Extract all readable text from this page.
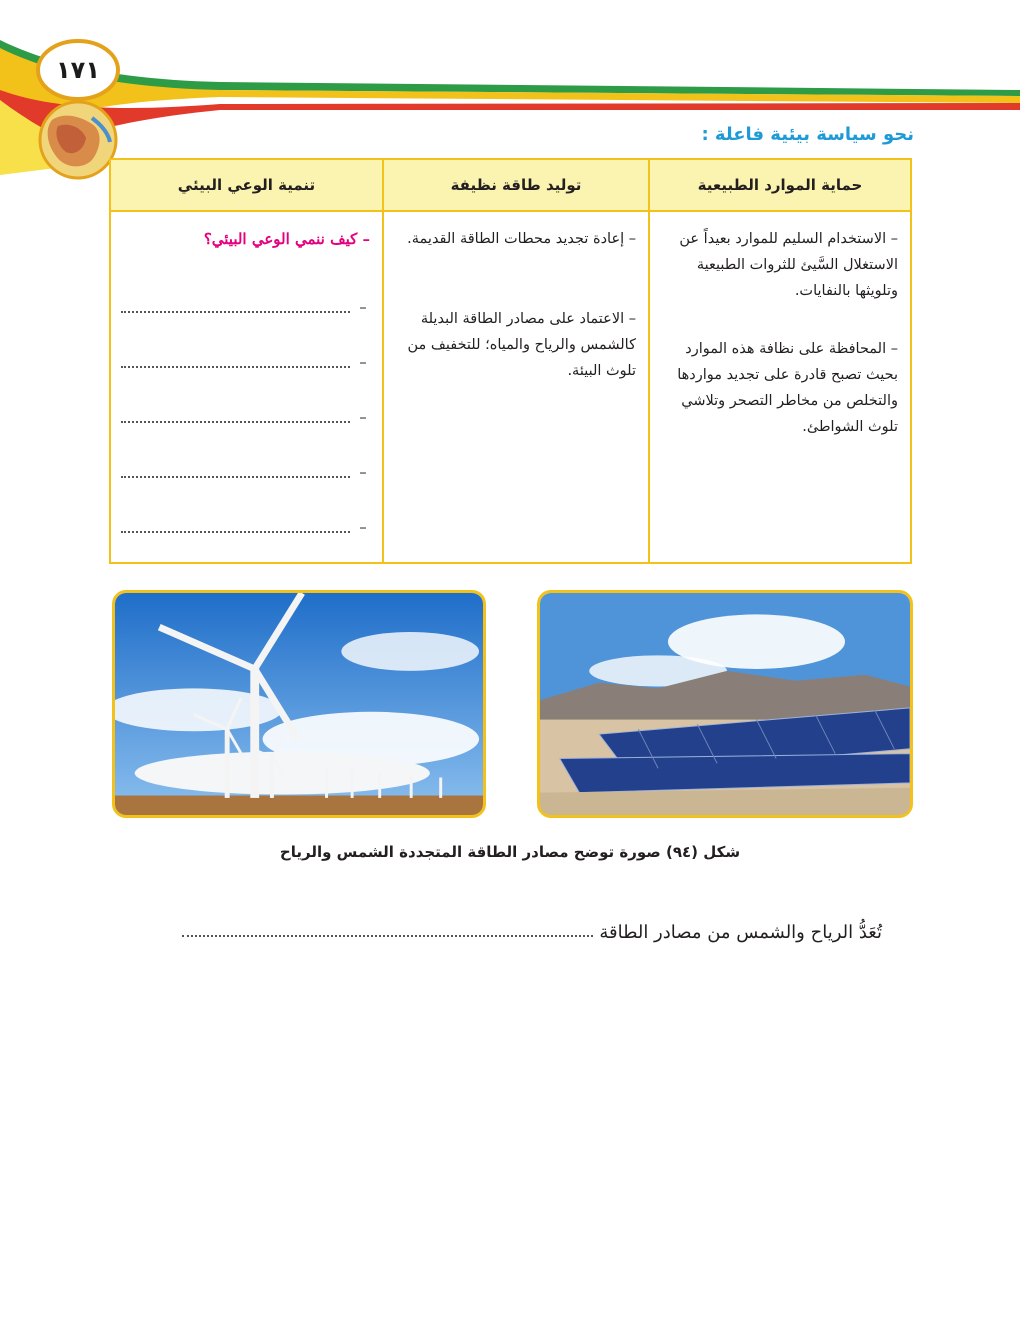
١٧١
نحو سياسة بيئية فاعلة :
تنمية الوعي البيئي	توليد طاقة نظيفة	حماية الموارد الطبيعية
– كيف ننمي الوعي البيئي؟
–
–
–
–
–

– إعادة تجديد محطات الطاقة القديمة.

– الاعتماد على مصادر الطاقة البديلة كالشمس والرياح والمياه؛ للتخفيف من تلوث البيئة.

– الاستخدام السليم للموارد بعيداً عن الاستغلال السَّيئ للثروات الطبيعية وتلويثها بالنفايات.

– المحافظة على نظافة هذه الموارد بحيث تصبح قادرة على تجديد مواردها والتخلص من مخاطر التصحر وتلاشي تلوث الشواطئ.

شكل (٩٤) صورة توضح مصادر الطاقة المتجددة الشمس والرياح
تُعَدُّ الرياح والشمس من مصادر الطاقة
